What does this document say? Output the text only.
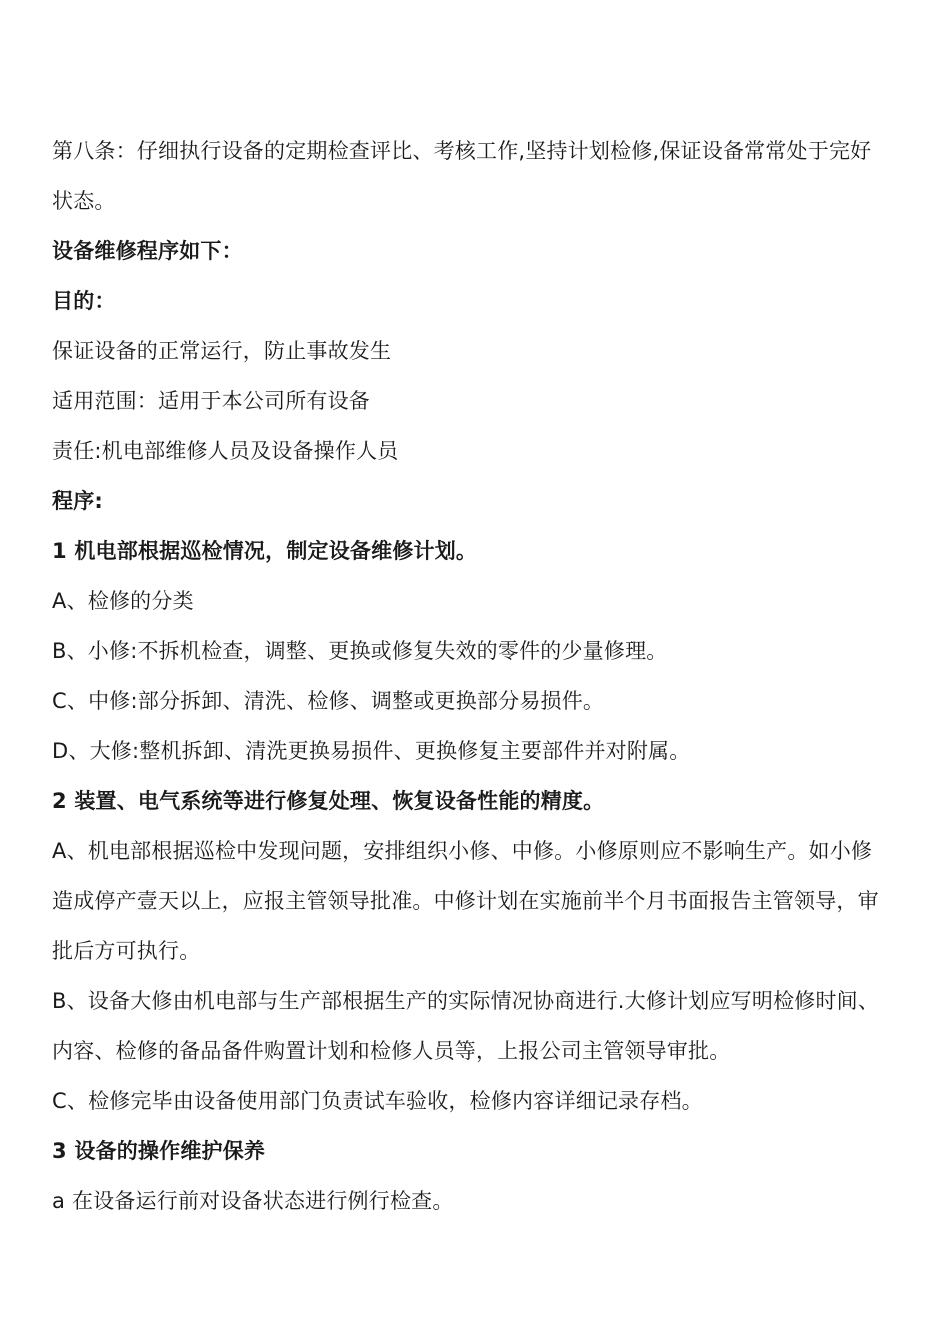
第八条：仔细执行设备的定期检查评比、考核工作,坚持计划检修,保证设备常常处于完好状态。

设备维修程序如下：

目的：

保证设备的正常运行，防止事故发生

适用范围：适用于本公司所有设备

责任:机电部维修人员及设备操作人员

程序:

1 机电部根据巡检情况，制定设备维修计划。

A、检修的分类

B、小修:不拆机检查，调整、更换或修复失效的零件的少量修理。

C、中修:部分拆卸、清洗、检修、调整或更换部分易损件。

D、大修:整机拆卸、清洗更换易损件、更换修复主要部件并对附属。

2 装置、电气系统等进行修复处理、恢复设备性能的精度。

A、机电部根据巡检中发现问题，安排组织小修、中修。小修原则应不影响生产。如小修造成停产壹天以上，应报主管领导批准。中修计划在实施前半个月书面报告主管领导，审批后方可执行。

B、设备大修由机电部与生产部根据生产的实际情况协商进行.大修计划应写明检修时间、内容、检修的备品备件购置计划和检修人员等，上报公司主管领导审批。

C、检修完毕由设备使用部门负责试车验收，检修内容详细记录存档。

3 设备的操作维护保养

a 在设备运行前对设备状态进行例行检查。
